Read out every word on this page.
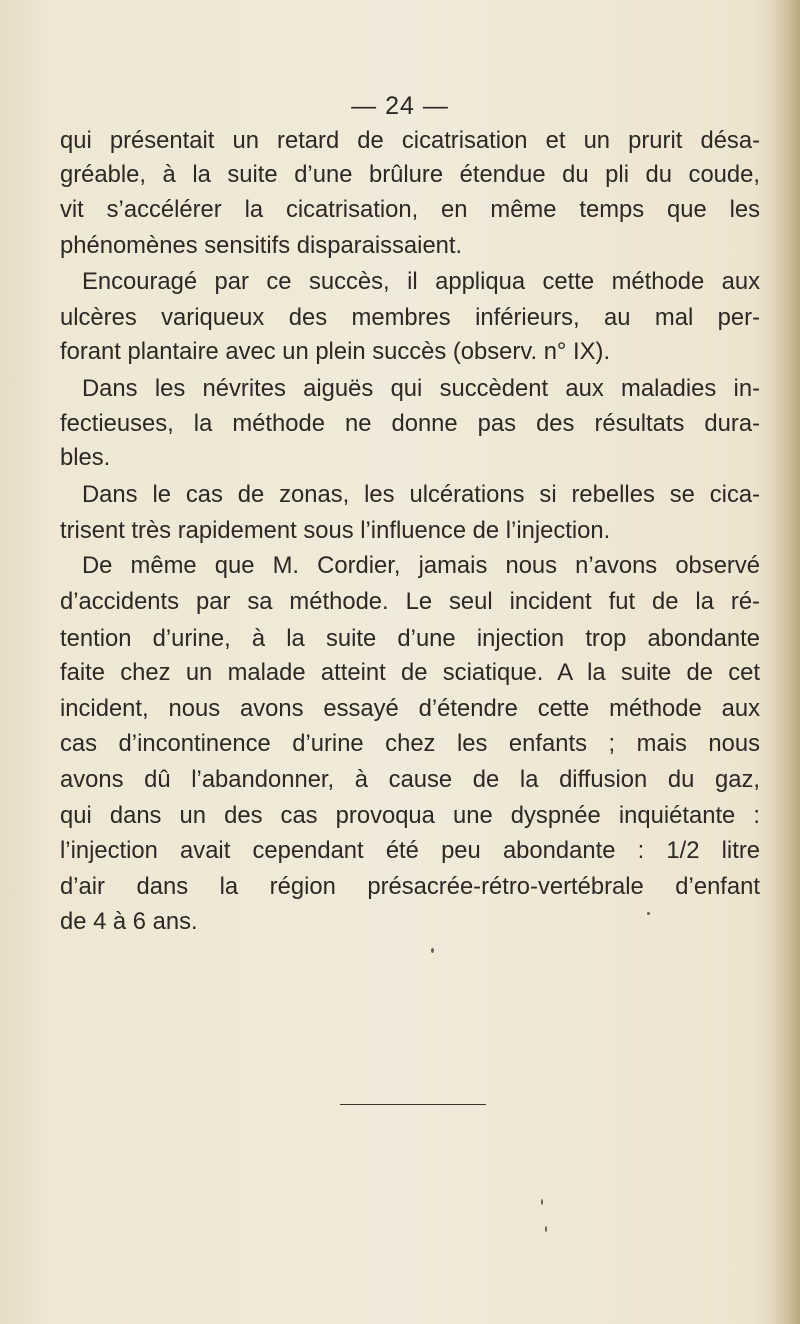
— 24 —
qui présentait un retard de cicatrisation et un prurit désa-
gréable, à la suite d’une brûlure étendue du pli du coude,
vit s’accélérer la cicatrisation, en même temps que les
phénomènes sensitifs disparaissaient.
Encouragé par ce succès, il appliqua cette méthode aux
ulcères variqueux des membres inférieurs, au mal per-
forant plantaire avec un plein succès (observ. n° IX).
Dans les névrites aiguës qui succèdent aux maladies in-
fectieuses, la méthode ne donne pas des résultats dura-
bles.
Dans le cas de zonas, les ulcérations si rebelles se cica-
trisent très rapidement sous l’influence de l’injection.
De même que M. Cordier, jamais nous n’avons observé
d’accidents par sa méthode. Le seul incident fut de la ré-
tention d’urine, à la suite d’une injection trop abondante
faite chez un malade atteint de sciatique. A la suite de cet
incident, nous avons essayé d’étendre cette méthode aux
cas d’incontinence d’urine chez les enfants ; mais nous
avons dû l’abandonner, à cause de la diffusion du gaz,
qui dans un des cas provoqua une dyspnée inquiétante :
l’injection avait cependant été peu abondante : 1/2 litre
d’air dans la région présacrée-rétro-vertébrale d’enfant
de 4 à 6 ans.
